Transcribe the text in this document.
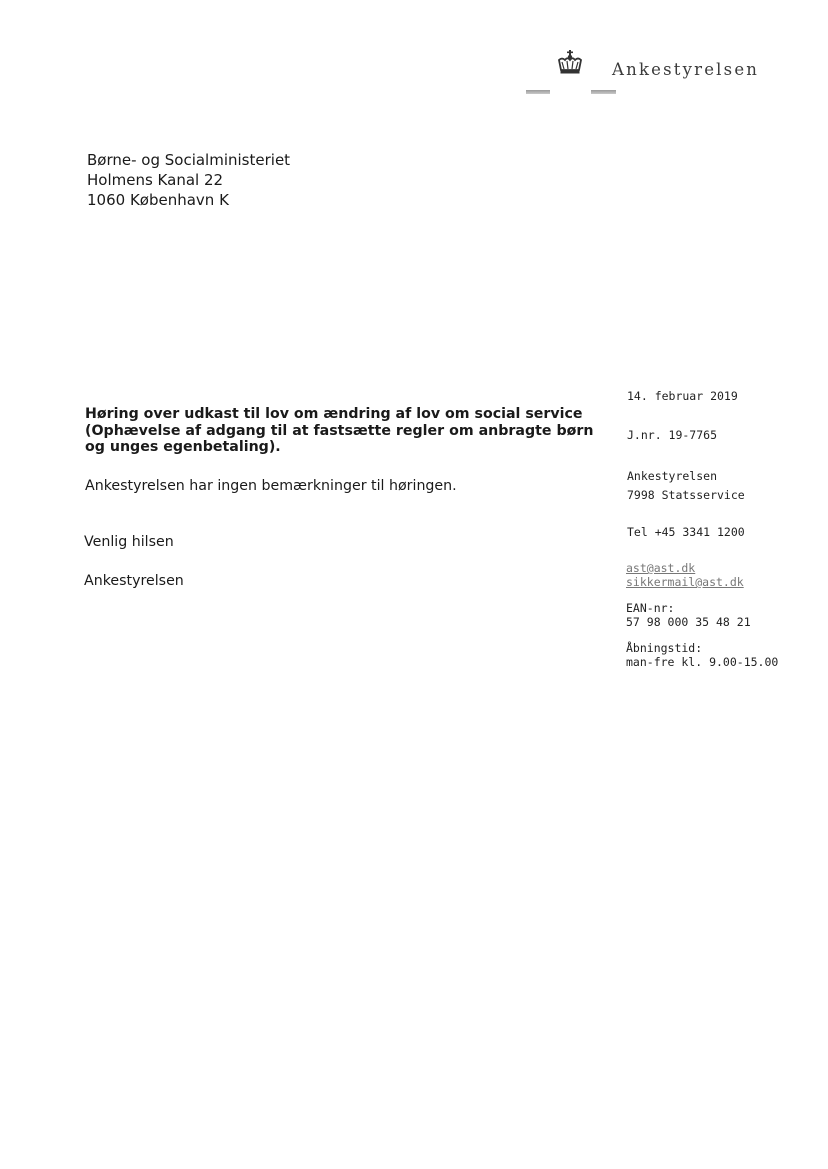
Ankestyrelsen
Børne- og Socialministeriet
Holmens Kanal 22
1060 København K
Høring over udkast til lov om ændring af lov om social service (Ophævelse af adgang til at fastsætte regler om anbragte børn og unges egenbetaling).
Ankestyrelsen har ingen bemærkninger til høringen.
Venlig hilsen
Ankestyrelsen
14. februar 2019
J.nr. 19-7765
Ankestyrelsen
7998 Statsservice
Tel +45 3341 1200
ast@ast.dk
sikkermail@ast.dk
EAN-nr:
57 98 000 35 48 21
Åbningstid:
man-fre kl. 9.00-15.00
